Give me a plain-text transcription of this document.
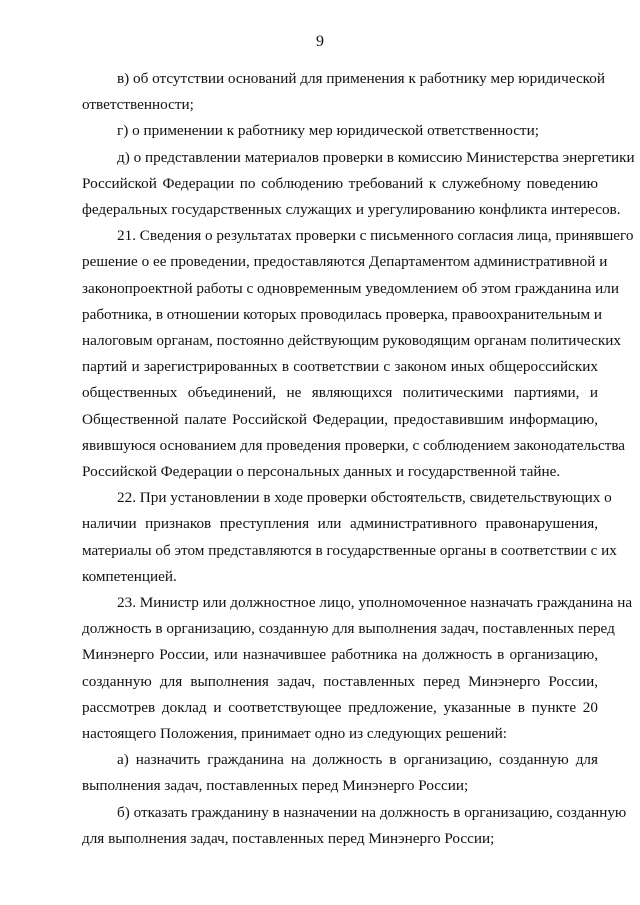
9
в) об отсутствии оснований для применения к работнику мер юридической
ответственности;
г) о применении к работнику мер юридической ответственности;
д) о представлении материалов проверки в комиссию Министерства энергетики
Российской Федерации по соблюдению требований к служебному поведению
федеральных государственных служащих и урегулированию конфликта интересов.
21. Сведения о результатах проверки с письменного согласия лица, принявшего
решение о ее проведении, предоставляются Департаментом административной и
законопроектной работы с одновременным уведомлением об этом гражданина или
работника, в отношении которых проводилась проверка, правоохранительным и
налоговым органам, постоянно действующим руководящим органам политических
партий и зарегистрированных в соответствии с законом иных общероссийских
общественных объединений, не являющихся политическими партиями, и
Общественной палате Российской Федерации, предоставившим информацию,
явившуюся основанием для проведения проверки, с соблюдением законодательства
Российской Федерации о персональных данных и государственной тайне.
22. При установлении в ходе проверки обстоятельств, свидетельствующих о
наличии признаков преступления или административного правонарушения,
материалы об этом представляются в государственные органы в соответствии с их
компетенцией.
23. Министр или должностное лицо, уполномоченное назначать гражданина на
должность в организацию, созданную для выполнения задач, поставленных перед
Минэнерго России, или назначившее работника на должность в организацию,
созданную для выполнения задач, поставленных перед Минэнерго России,
рассмотрев доклад и соответствующее предложение, указанные в пункте 20
настоящего Положения, принимает одно из следующих решений:
а) назначить гражданина на должность в организацию, созданную для
выполнения задач, поставленных перед Минэнерго России;
б) отказать гражданину в назначении на должность в организацию, созданную
для выполнения задач, поставленных перед Минэнерго России;
